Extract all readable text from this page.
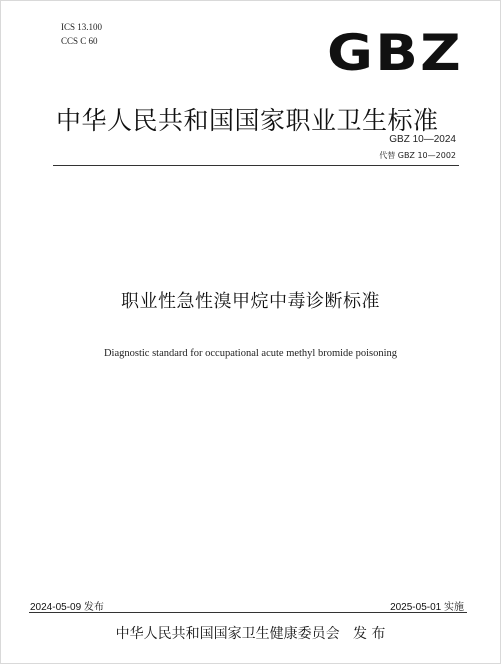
ICS 13.100
CCS C 60	GBZ
中华人民共和国国家职业卫生标准
GBZ 10—2024
代替 GBZ 10—2002
职业性急性溴甲烷中毒诊断标准
Diagnostic standard for occupational acute methyl bromide poisoning
2024-05-09 发布	2025-05-01 实施
中华人民共和国国家卫生健康委员会   发 布
